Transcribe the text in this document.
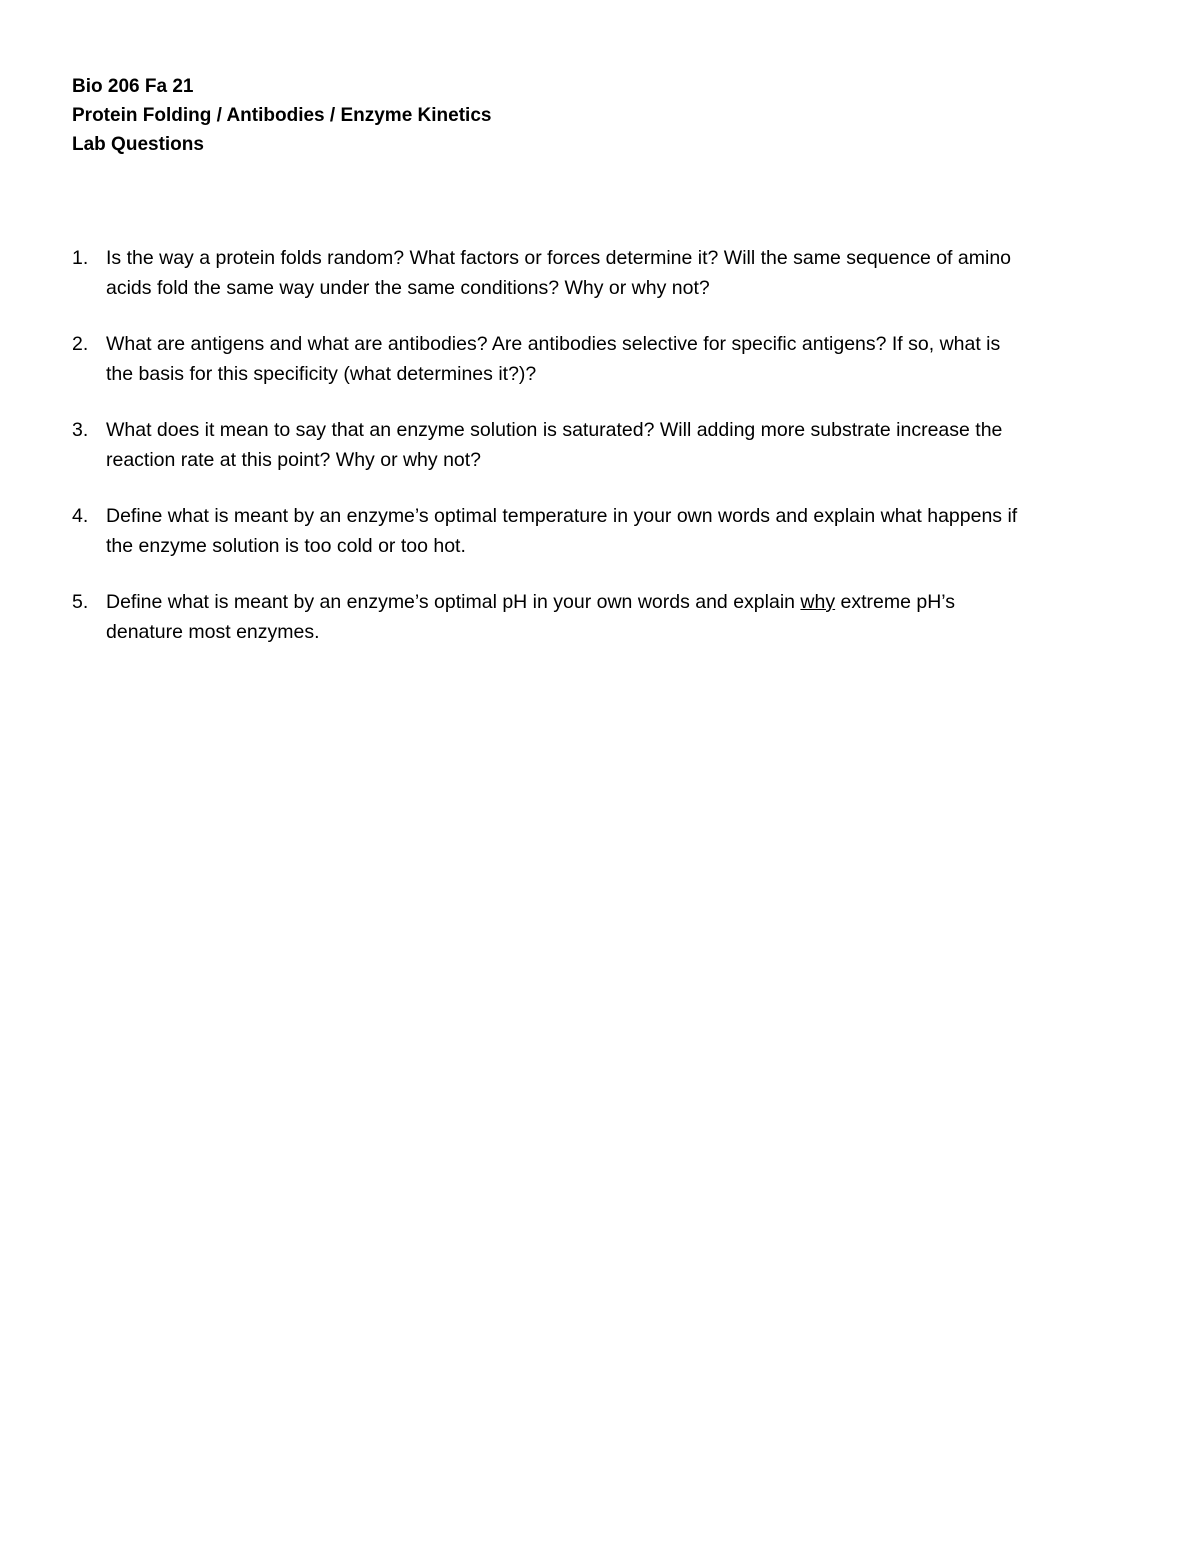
Bio 206 Fa 21
Protein Folding / Antibodies / Enzyme Kinetics
Lab Questions
1. Is the way a protein folds random? What factors or forces determine it? Will the same sequence of amino
acids fold the same way under the same conditions? Why or why not?
2. What are antigens and what are antibodies? Are antibodies selective for specific antigens? If so, what is
the basis for this specificity (what determines it?)?
3. What does it mean to say that an enzyme solution is saturated? Will adding more substrate increase the
reaction rate at this point? Why or why not?
4. Define what is meant by an enzyme’s optimal temperature in your own words and explain what happens if
the enzyme solution is too cold or too hot.
5. Define what is meant by an enzyme’s optimal pH in your own words and explain why extreme pH’s
denature most enzymes.
